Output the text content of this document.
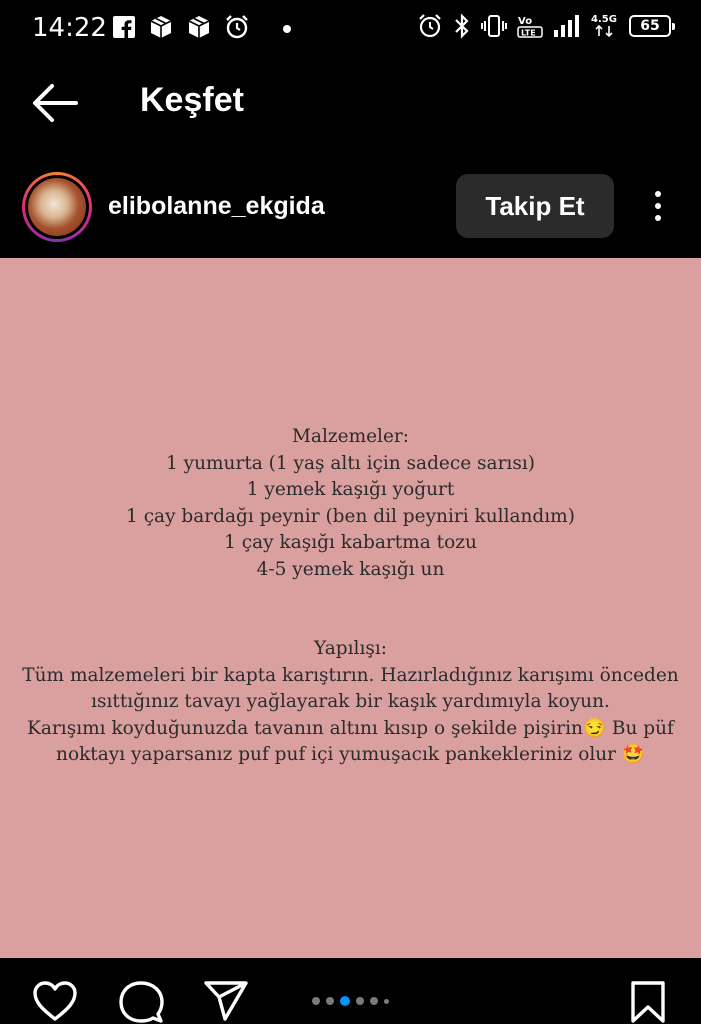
14:22	Vo
LTE
4.5G	65
Keşfet
elibolanne_ekgida	Takip Et

Malzemeler:

1 yumurta (1 yaş altı için sadece sarısı)

1 yemek kaşığı yoğurt

1 çay bardağı peynir (ben dil peyniri kullandım)

1 çay kaşığı kabartma tozu

4-5 yemek kaşığı un

Yapılışı:

Tüm malzemeleri bir kapta karıştırın. Hazırladığınız karışımı önceden

ısıttığınız tavayı yağlayarak bir kaşık yardımıyla koyun.

Karışımı koyduğunuzda tavanın altını kısıp o şekilde pişirin😏 Bu püf

noktayı yaparsanız puf puf içi yumuşacık pankekleriniz olur 🤩
